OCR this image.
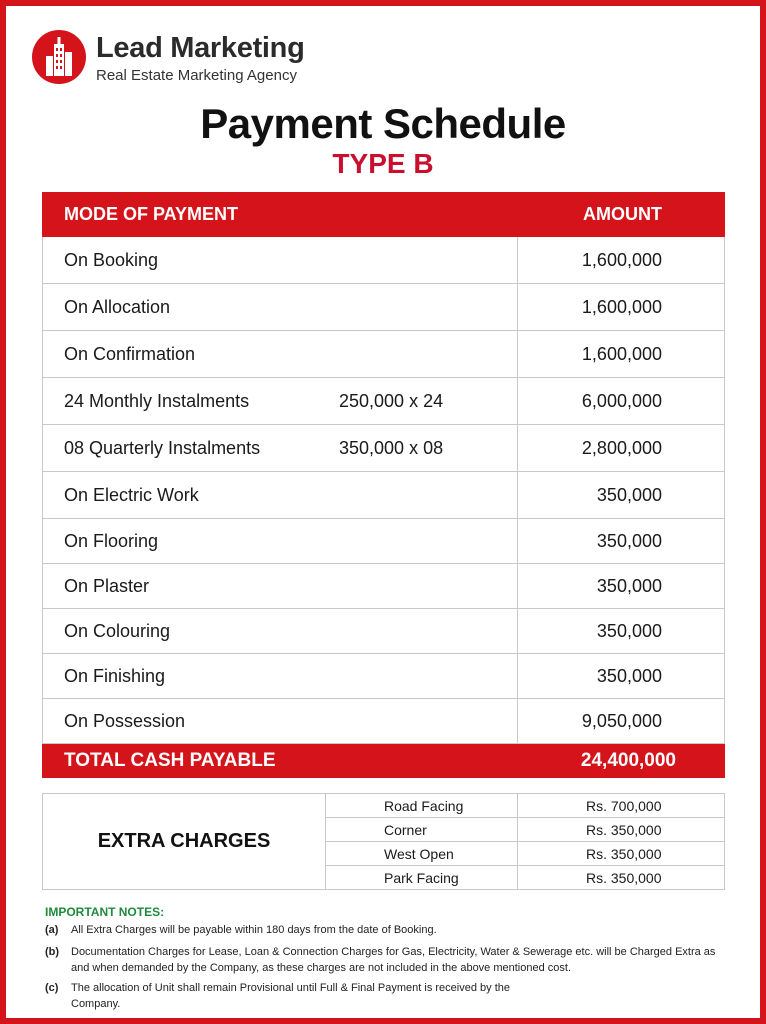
Lead Marketing
Real Estate Marketing Agency
Payment Schedule
TYPE B
MODE OF PAYMENT	AMOUNT
On Booking	1,600,000
On Allocation	1,600,000
On Confirmation	1,600,000
24 Monthly Instalments 250,000 x 24	6,000,000
08 Quarterly Instalments 350,000 x 08	2,800,000
On Electric Work	350,000
On Flooring	350,000
On Plaster	350,000
On Colouring	350,000
On Finishing	350,000
On Possession	9,050,000
TOTAL CASH PAYABLE	24,400,000
EXTRA CHARGES	Road Facing	Rs. 700,000
	Corner	Rs. 350,000
	West Open	Rs. 350,000
	Park Facing	Rs. 350,000
IMPORTANT NOTES:
(a) All Extra Charges will be payable within 180 days from the date of Booking.
(b) Documentation Charges for Lease, Loan & Connection Charges for Gas, Electricity, Water & Sewerage etc. will be Charged Extra as and when demanded by the Company, as these charges are not included in the above mentioned cost.
(c) The allocation of Unit shall remain Provisional until Full & Final Payment is received by the Company.
